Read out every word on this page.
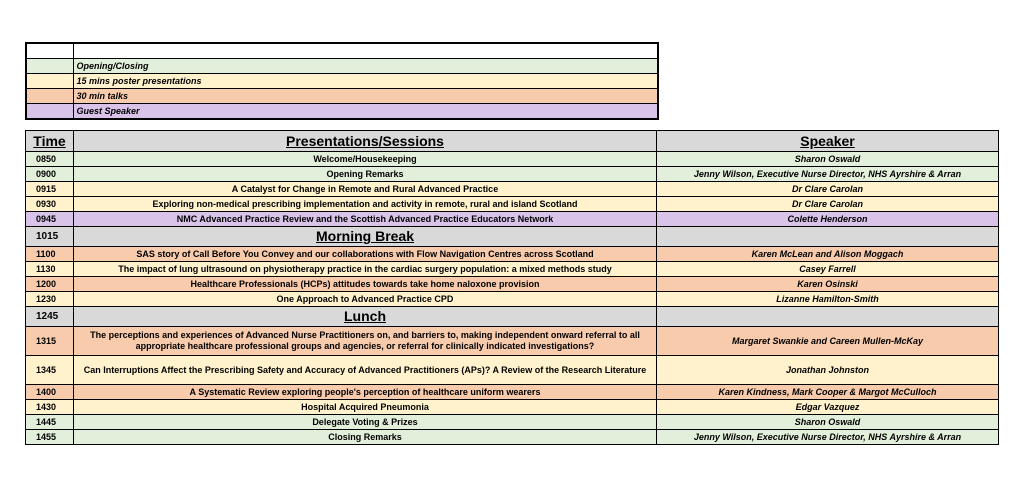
	Opening/Closing
	15 mins poster presentations
	30 min talks
	Guest Speaker
Time	Presentations/Sessions	Speaker
0850	Welcome/Housekeeping	Sharon Oswald
0900	Opening Remarks	Jenny Wilson, Executive Nurse Director, NHS Ayrshire & Arran
0915	A Catalyst for Change in Remote and Rural Advanced Practice	Dr Clare Carolan
0930	Exploring non-medical prescribing implementation and activity in remote, rural and island Scotland	Dr Clare Carolan
0945	NMC Advanced Practice Review and the Scottish Advanced Practice Educators Network	Colette Henderson
1015	Morning Break	
1100	SAS story of Call Before You Convey and our collaborations with Flow Navigation Centres across Scotland	Karen McLean and Alison Moggach
1130	The impact of lung ultrasound on physiotherapy practice in the cardiac surgery population: a mixed methods study	Casey Farrell
1200	Healthcare Professionals (HCPs) attitudes towards take home naloxone provision	Karen Osinski
1230	One Approach to Advanced Practice CPD	Lizanne Hamilton-Smith
1245	Lunch	
1315	The perceptions and experiences of Advanced Nurse Practitioners on, and barriers to, making independent onward referral to all appropriate healthcare professional groups and agencies, or referral for clinically indicated investigations?	Margaret Swankie and Careen Mullen-McKay
1345	Can Interruptions Affect the Prescribing Safety and Accuracy of Advanced Practitioners (APs)? A Review of the Research Literature	Jonathan Johnston
1400	A Systematic Review exploring people's perception of healthcare uniform wearers	Karen Kindness, Mark Cooper & Margot McCulloch
1430	Hospital Acquired Pneumonia	Edgar Vazquez
1445	Delegate Voting & Prizes	Sharon Oswald
1455	Closing Remarks	Jenny Wilson, Executive Nurse Director, NHS Ayrshire & Arran
